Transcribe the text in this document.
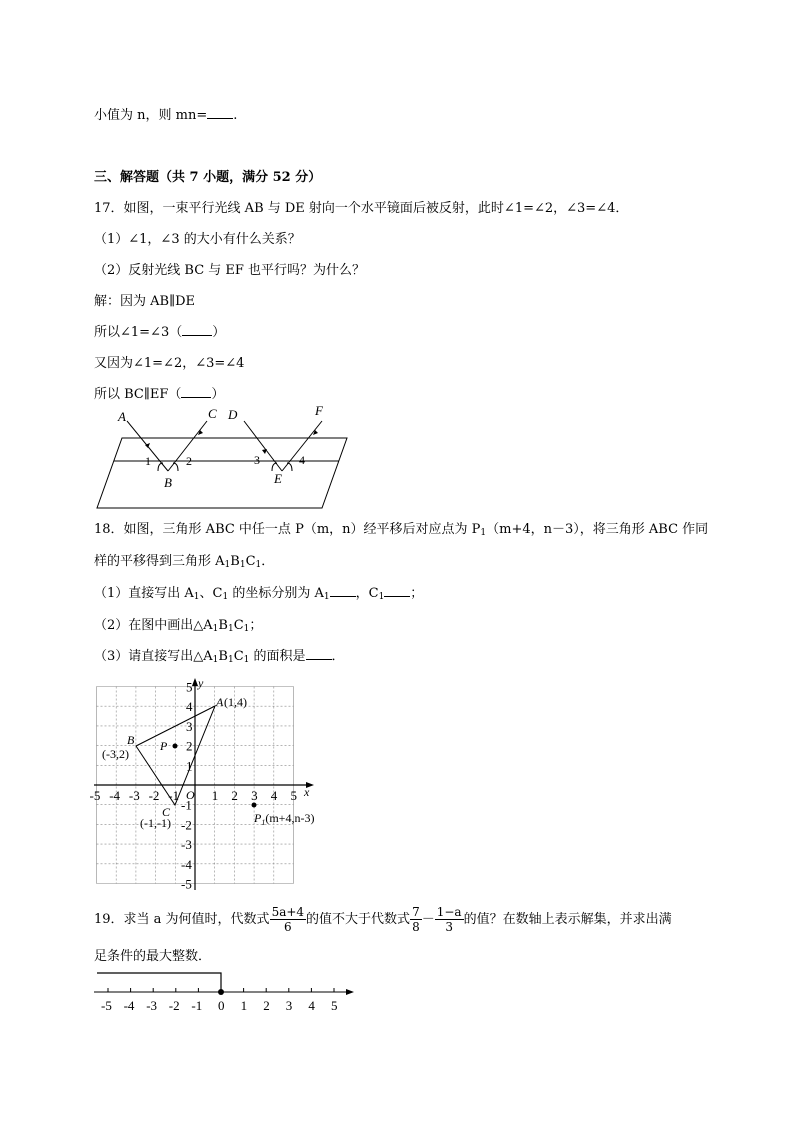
小值为 n，则 mn= .
三、解答题（共 7 小题，满分 52 分）
17．如图，一束平行光线 AB 与 DE 射向一个水平镜面后被反射，此时∠1=∠2，∠3=∠4．
（1）∠1，∠3 的大小有什么关系？
（2）反射光线 BC 与 EF 也平行吗？为什么？
解：因为 AB∥DE
所以∠1=∠3（ ）
又因为∠1=∠2，∠3=∠4
所以 BC∥EF（ ）
A	C D	F
1	2	3	4
B	E
18．如图，三角形 ABC 中任一点 P（m，n）经平移后对应点为 $P_1(m+4$，n－3），将三角形 ABC 作同
样的平移得到三角形 $A_1B_1C_1$．
（1）直接写出 $A_1$、$C_1$ 的坐标分别为 $A_1$ ，$C_1$ ；
（2）在图中画出$\triangle A_1B_1C_1$；
（3）请直接写出$\triangle A_1B_1C_1$ 的面积是 ．
x
y
-5 -4 -3 -2 -1	1 2 3 4 5
5
4
3
2
1
-1
-2
-3
-4
-5
O
A (1,4)
B
(-3,2)
C
(-1,-1)
P
$P_1(m+4,n-3)$
19．求当 a 为何值时，代数式 $\frac{5a+4}{6}$ 的值不大于代数式 $\frac{7}{8} - \frac{1-a}{3}$ 的值？在数轴上表示解集，并求出满
足条件的最大整数．
-5 -4 -3 -2 -1 0 1 2 3 4 5
